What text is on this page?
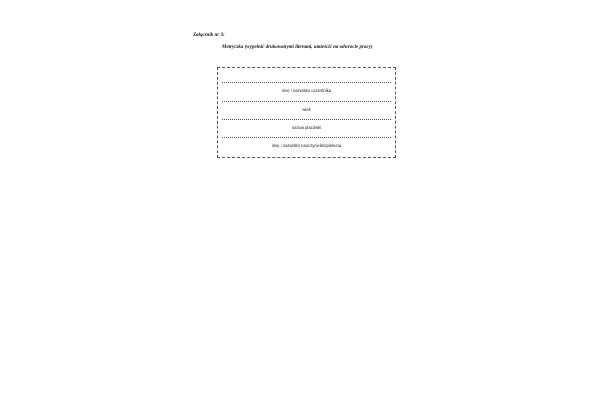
Załącznik nr 3:
Metryczka (wypełnić drukowanymi literami, umieścić na odwrocie pracy)
imię i nazwisko uczestnika
wiek
nazwa placówki
imię i nazwisko nauczyciela/opiekuna
